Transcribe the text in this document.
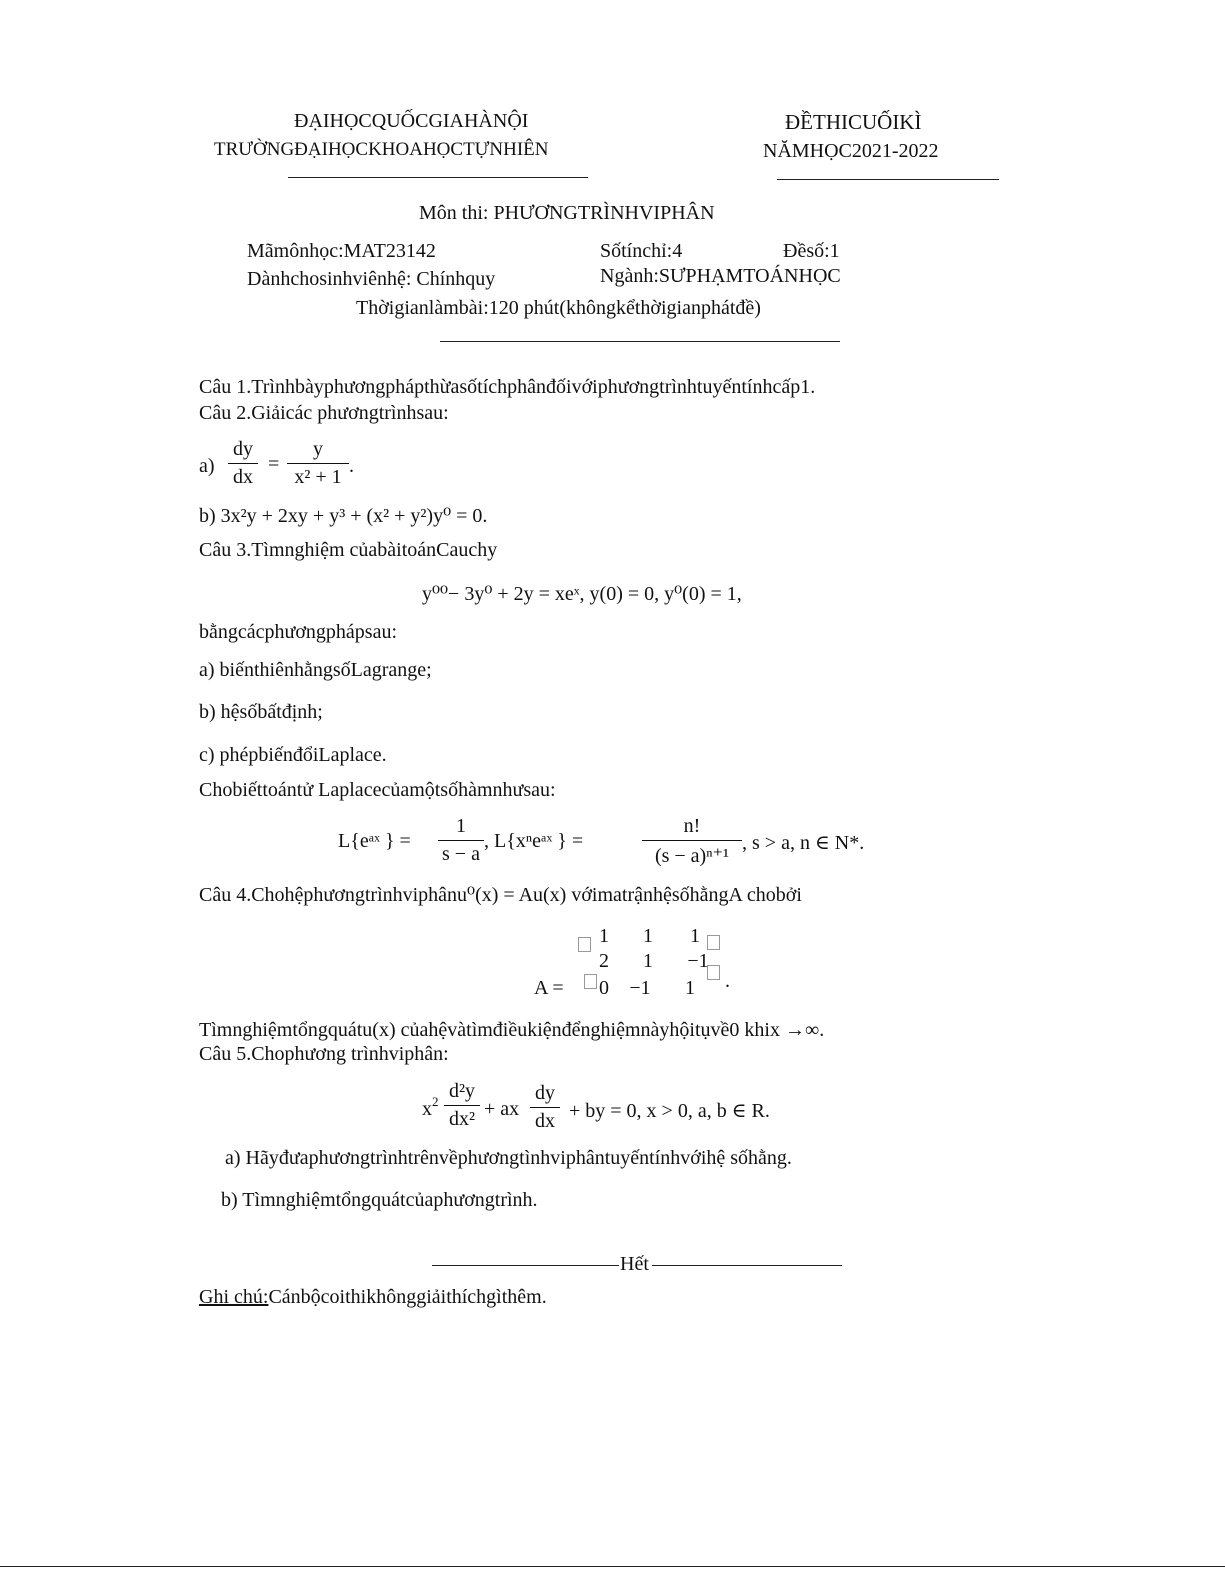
ĐẠIHỌCQUỐCGIAHÀNỘI
TRƯỜNGĐẠIHỌCKHOAHỌCTỰNHIÊN
ĐỀTHICUỐIKÌ
NĂMHỌC2021-2022
Môn thi: PHƯƠNGTRÌNHVIPHÂN
Mãmônhọc:MAT23142	Sốtínchỉ:4	Đềsố:1
Dànhchosinhviênhệ: Chínhquy	Ngành:SƯPHẠMTOÁNHỌC
Thờigianlàmbài:120 phút(khôngkểthờigianphátđề)
Câu 1.Trìnhbàyphươngphápthừasốtíchphânđốivớiphươngtrìnhtuyếntínhcấp1.
Câu 2.Giảicác phươngtrìnhsau:
a)
dy
dx
=
y
x² + 1 .
b) 3x²y + 2xy + y³ + (x² + y²)y⁰ = 0.
Câu 3.Tìmnghiệm củabàitoánCauchy
y⁰⁰− 3y⁰ + 2y = xeˣ, y(0) = 0, y⁰(0) = 1,
bằngcácphươngphápsau:
a) biếnthiênhằngsốLagrange;
b) hệsốbấtđịnh;
c) phépbiếnđổiLaplace.
Chobiếttoántử Laplacecủamộtsốhàmnhưsau:
L{eᵃˣ } =
1
s − a
, L{xⁿeᵃˣ } =
n!
(s − a)ⁿ⁺¹
, s > a, n ∈ N*.
Câu 4.Chohệphươngtrìnhviphânu⁰(x) = Au(x) vớimatrậnhệsốhằngA chobởi
A =
1	1	1
2	1	−1
0	−1	1	.
Tìmnghiệmtổngquátu(x) củahệvàtìmđiềukiệnđểnghiệmnàyhộitụvề0 khix →∞.
Câu 5.Chophương trìnhviphân:
$x^2$ d²y
dx² + ax
dy
dx + by = 0, x > 0, a, b ∈ R.
a) Hãyđưaphươngtrìnhtrênvềphươngtìnhviphântuyếntínhvớihệ sốhằng.
b) Tìmnghiệmtổngquátcủaphươngtrình.
Hết
Ghi chú:Cánbộcoithikhônggiảithíchgìthêm.
